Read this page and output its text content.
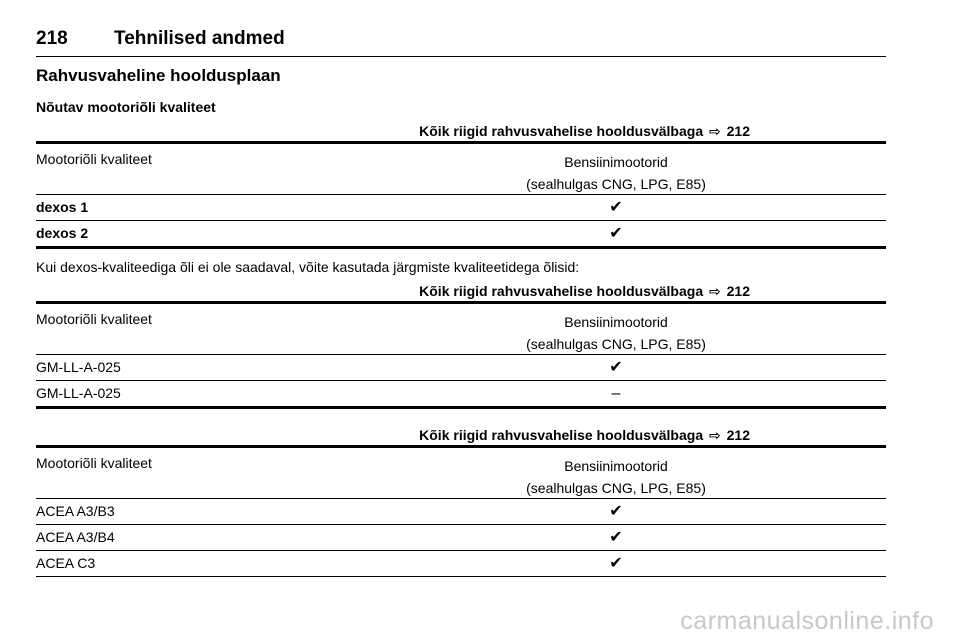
218 Tehnilised andmed
Rahvusvaheline hooldusplaan
Nõutav mootoriõli kvaliteet
Kõik riigid rahvusvahelise hooldusvälbaga ⇨ 212
Mootoriõli kvaliteet	Bensiinimootorid
(sealhulgas CNG, LPG, E85)
dexos 1	✔
dexos 2	✔
Kui dexos-kvaliteediga õli ei ole saadaval, võite kasutada järgmiste kvaliteetidega õlisid:
Kõik riigid rahvusvahelise hooldusvälbaga ⇨ 212
Mootoriõli kvaliteet	Bensiinimootorid
(sealhulgas CNG, LPG, E85)
GM-LL-A-025	✔
GM-LL-A-025	–
Kõik riigid rahvusvahelise hooldusvälbaga ⇨ 212
Mootoriõli kvaliteet	Bensiinimootorid
(sealhulgas CNG, LPG, E85)
ACEA A3/B3	✔
ACEA A3/B4	✔
ACEA C3	✔
carmanualsonline.info
